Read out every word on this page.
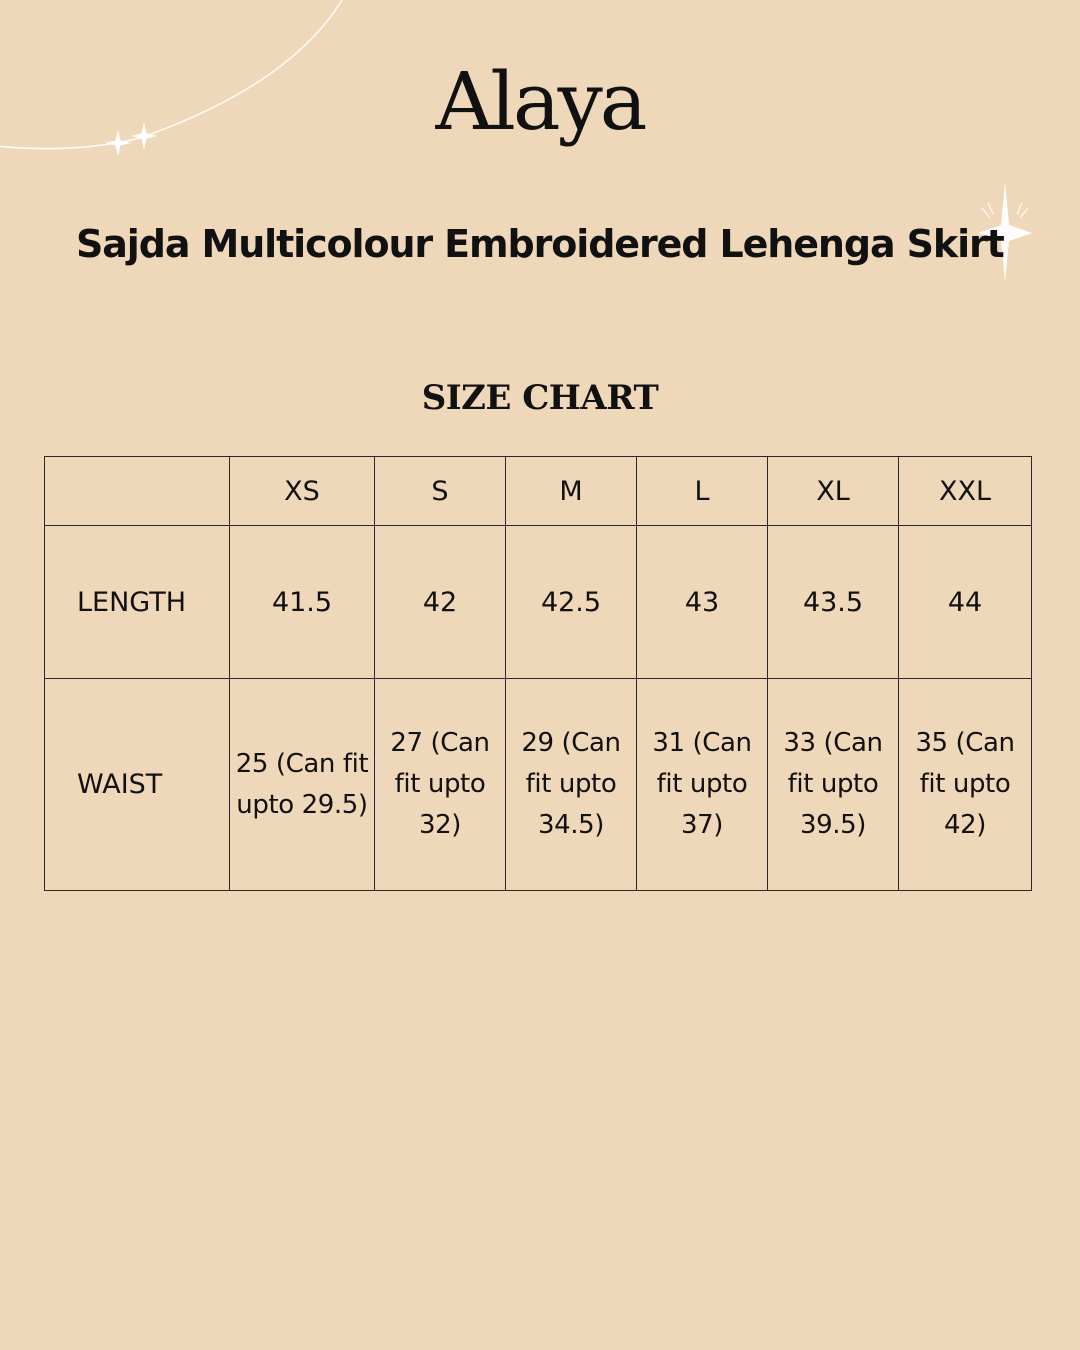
Alaya
Sajda Multicolour Embroidered Lehenga Skirt
SIZE CHART
	XS	S	M	L	XL	XXL
LENGTH	41.5	42	42.5	43	43.5	44
WAIST	25 (Can fit upto 29.5)	27 (Can fit upto 32)	29 (Can fit upto 34.5)	31 (Can fit upto 37)	33 (Can fit upto 39.5)	35 (Can fit upto 42)
